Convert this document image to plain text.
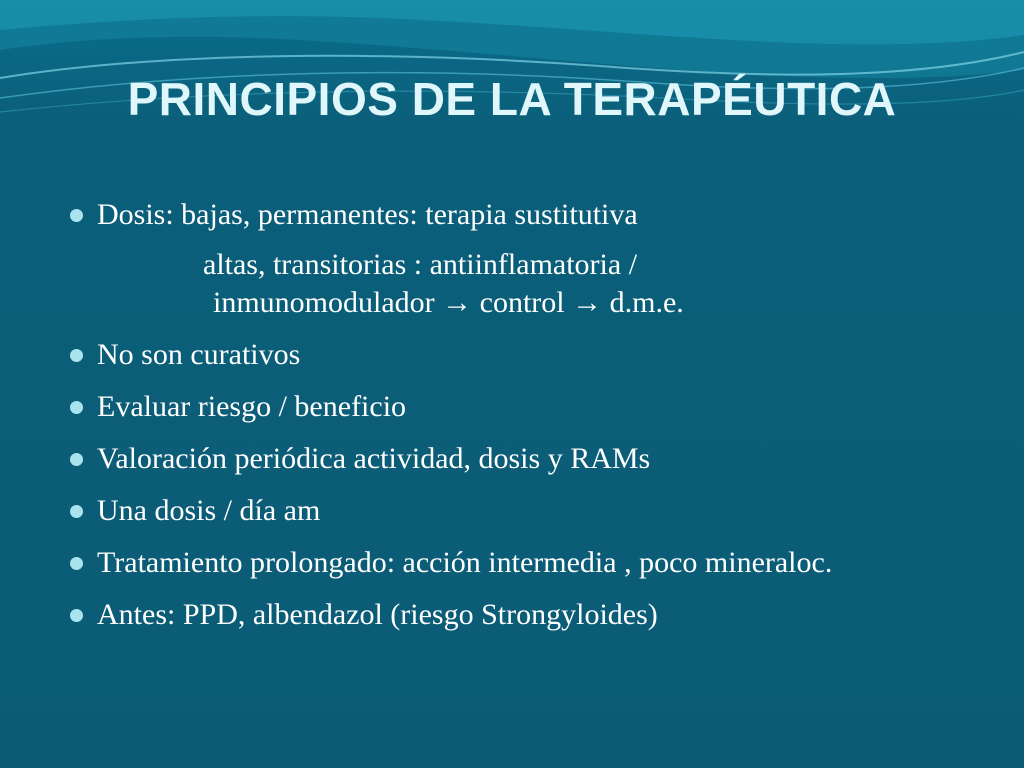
PRINCIPIOS DE LA TERAPÉUTICA
Dosis: bajas, permanentes: terapia sustitutiva
altas, transitorias : antiinflamatoria /
inmunomodulador → control → d.m.e.
No son curativos
Evaluar riesgo / beneficio
Valoración periódica actividad, dosis y RAMs
Una dosis / día am
Tratamiento prolongado: acción intermedia , poco mineraloc.
Antes: PPD, albendazol (riesgo Strongyloides)
